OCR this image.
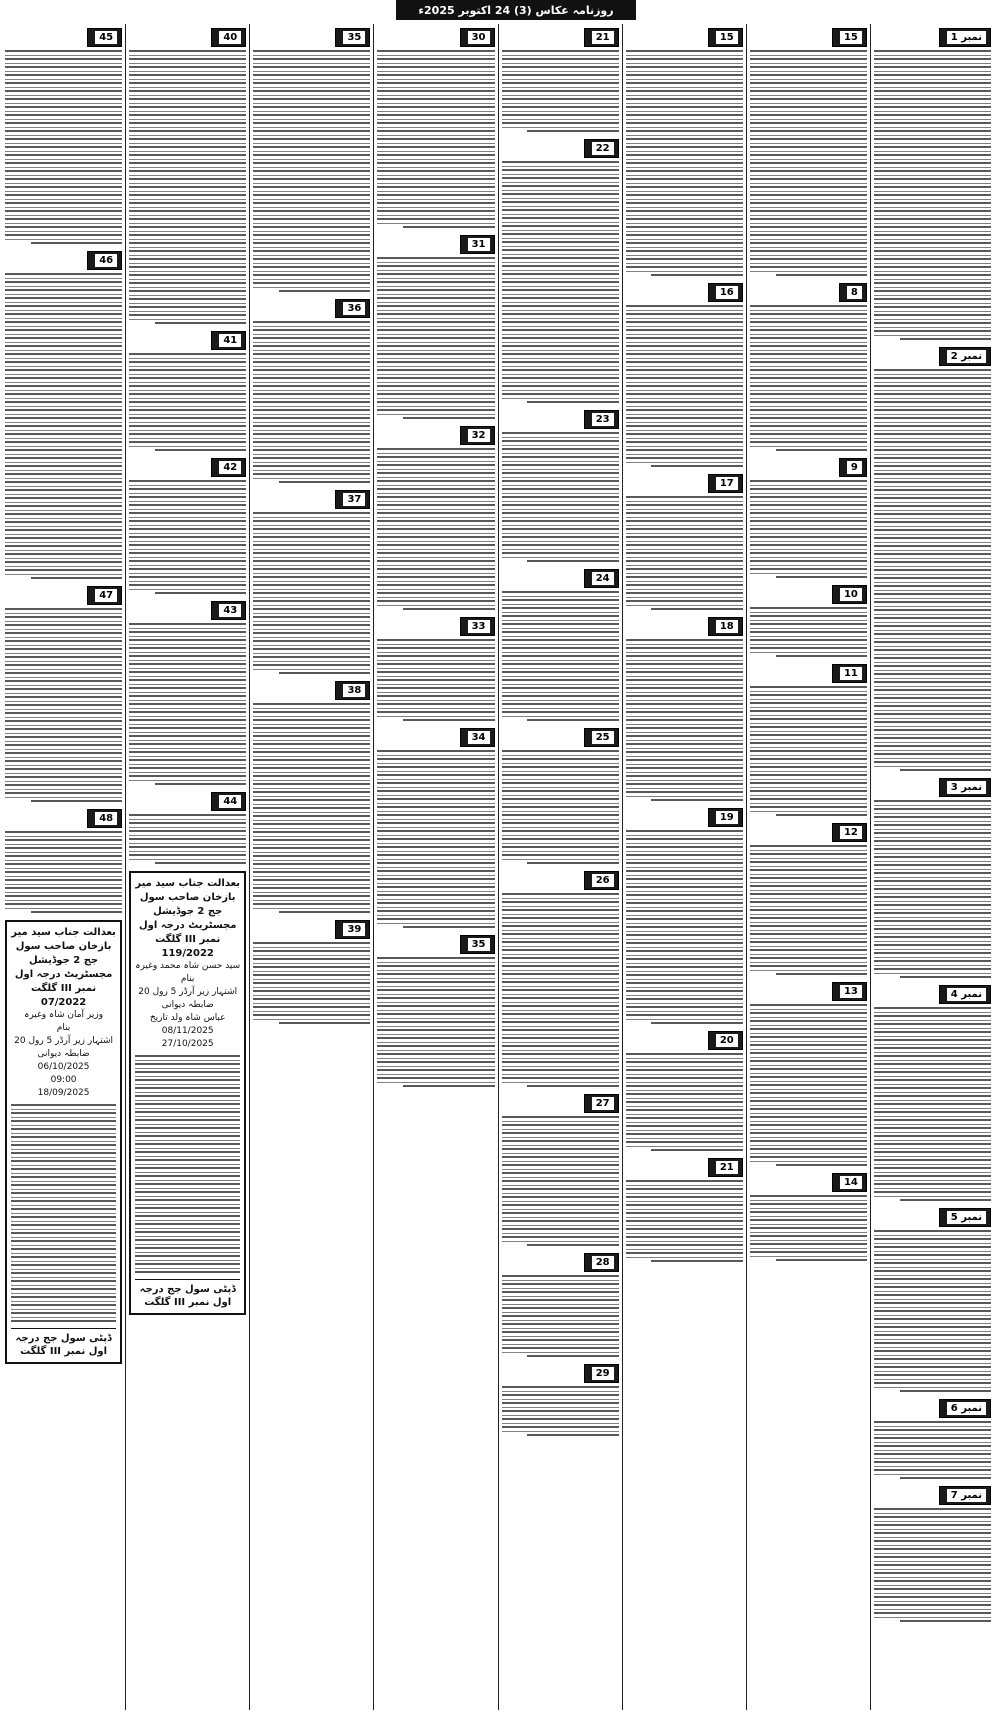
روزنامہ عکاس (3) 24 اکتوبر 2025ء
نمبر 1
نمبر 2
نمبر 3
نمبر 4
نمبر 5
نمبر 6
نمبر 7
15
8
9
10
11
12
13
14
15
16
17
18
19
20
21
21
22
23
24
25
26
27
28
29
30
31
32
33
34
35
35
36
37
38
39
40
41
42
43
44
بعدالت جناب سید میر بازخان صاحب سول جج 2 جوڈیشل مجسٹریٹ درجہ اول نمبر III گلگت
119/2022
سید حسن شاہ محمد وغیرہ
بنام
اشتہار زیر آرڈر 5 رول 20 ضابطہ دیوانی
عباس شاہ ولد تاریخ
08/11/2025
27/10/2025
ڈپٹی سول جج درجہ اول نمبر III گلگت
45
46
47
48
بعدالت جناب سید میر بازخان صاحب سول جج 2 جوڈیشل مجسٹریٹ درجہ اول نمبر III گلگت
07/2022
وزیر آمان شاہ وغیرہ
بنام
اشتہار زیر آرڈر 5 رول 20 ضابطہ دیوانی
06/10/2025
09:00
18/09/2025
ڈپٹی سول جج درجہ اول نمبر III گلگت
